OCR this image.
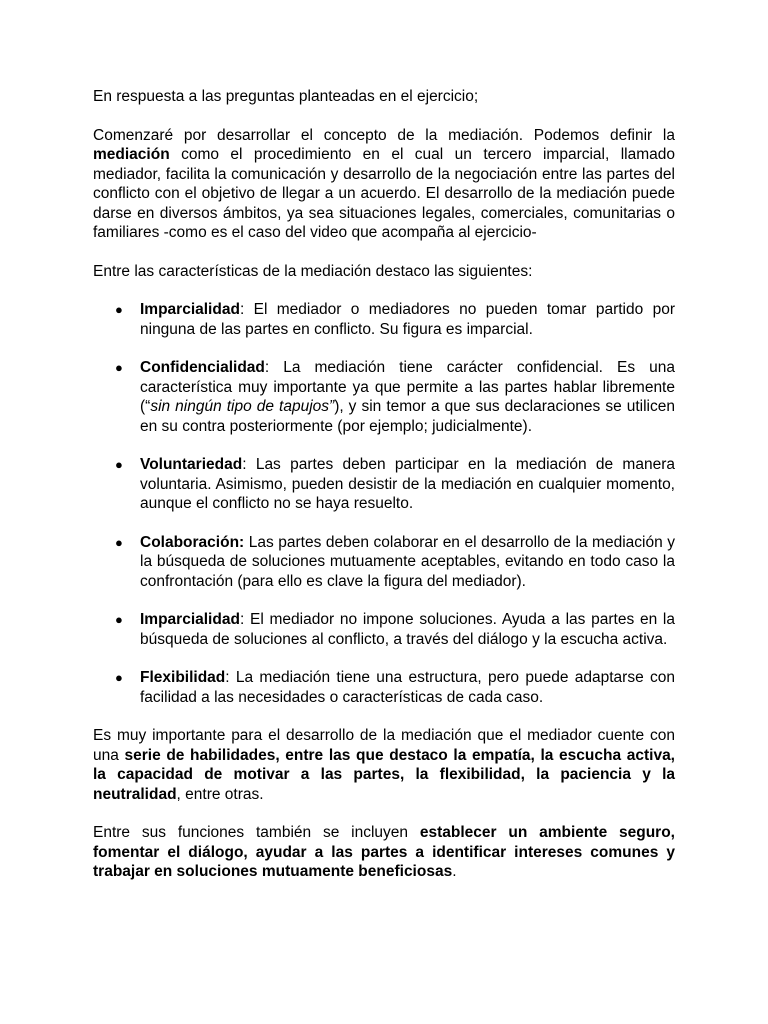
En respuesta a las preguntas planteadas en el ejercicio;

Comenzaré por desarrollar el concepto de la mediación. Podemos definir la mediación como el procedimiento en el cual un tercero imparcial, llamado mediador, facilita la comunicación y desarrollo de la negociación entre las partes del conflicto con el objetivo de llegar a un acuerdo. El desarrollo de la mediación puede darse en diversos ámbitos, ya sea situaciones legales, comerciales, comunitarias o familiares -como es el caso del video que acompaña al ejercicio-

Entre las características de la mediación destaco las siguientes:

● Imparcialidad: El mediador o mediadores no pueden tomar partido por ninguna de las partes en conflicto. Su figura es imparcial.
● Confidencialidad: La mediación tiene carácter confidencial. Es una característica muy importante ya que permite a las partes hablar libremente (“sin ningún tipo de tapujos”), y sin temor a que sus declaraciones se utilicen en su contra posteriormente (por ejemplo; judicialmente).
● Voluntariedad: Las partes deben participar en la mediación de manera voluntaria. Asimismo, pueden desistir de la mediación en cualquier momento, aunque el conflicto no se haya resuelto.
● Colaboración: Las partes deben colaborar en el desarrollo de la mediación y la búsqueda de soluciones mutuamente aceptables, evitando en todo caso la confrontación (para ello es clave la figura del mediador).
● Imparcialidad: El mediador no impone soluciones. Ayuda a las partes en la búsqueda de soluciones al conflicto, a través del diálogo y la escucha activa.
● Flexibilidad: La mediación tiene una estructura, pero puede adaptarse con facilidad a las necesidades o características de cada caso.

Es muy importante para el desarrollo de la mediación que el mediador cuente con una serie de habilidades, entre las que destaco la empatía, la escucha activa, la capacidad de motivar a las partes, la flexibilidad, la paciencia y la neutralidad, entre otras.

Entre sus funciones también se incluyen establecer un ambiente seguro, fomentar el diálogo, ayudar a las partes a identificar intereses comunes y trabajar en soluciones mutuamente beneficiosas.
